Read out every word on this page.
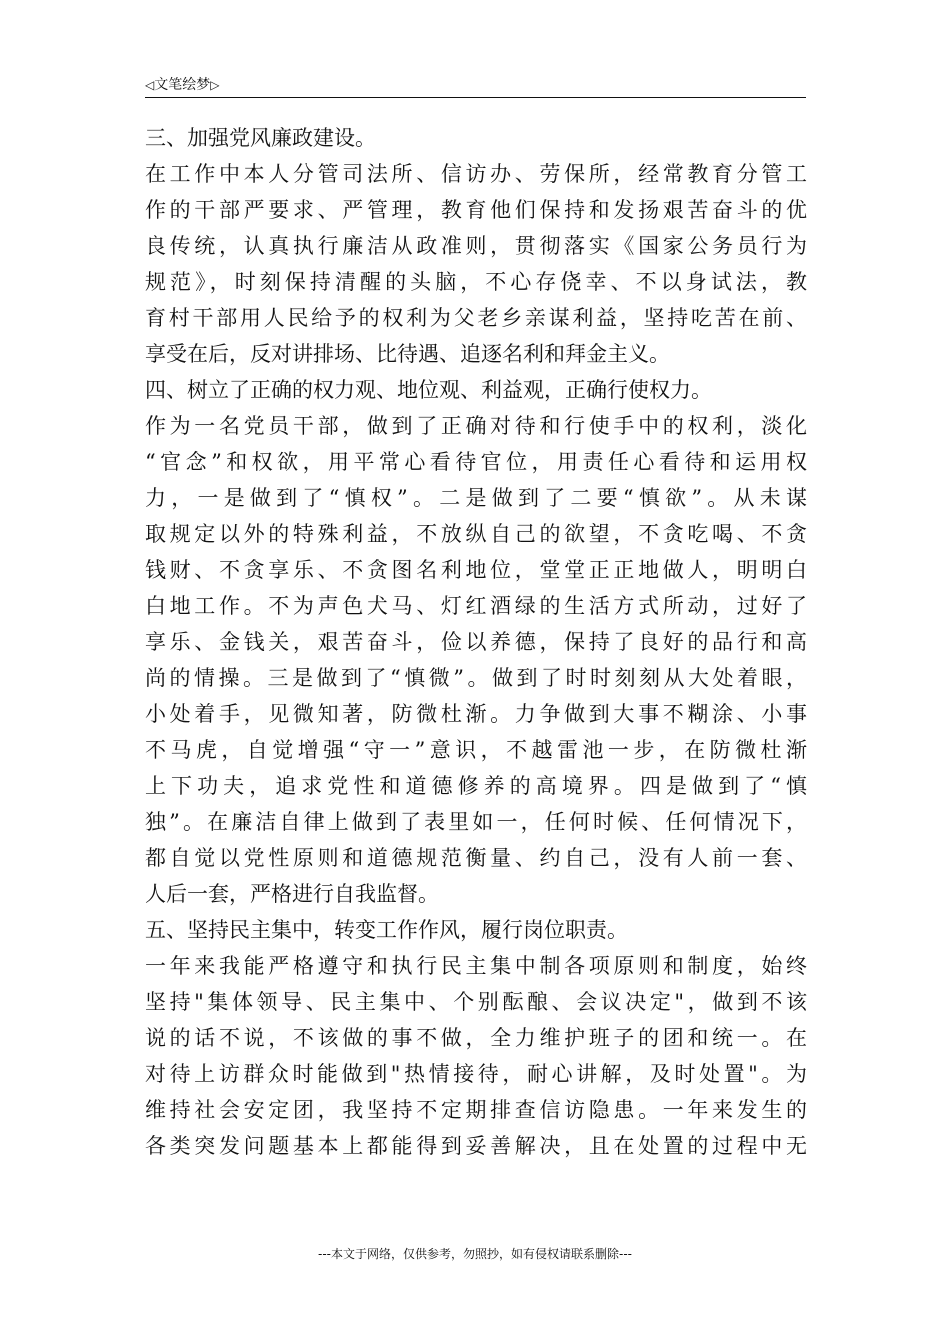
◁ 文笔绘梦 ▷
三、加强党风廉政建设。
在工作中本人分管司法所、信访办、劳保所，经常教育分管工
作的干部严要求、严管理，教育他们保持和发扬艰苦奋斗的优
良传统，认真执行廉洁从政准则，贯彻落实《国家公务员行为
规范》，时刻保持清醒的头脑，不心存侥幸、不以身试法，教
育村干部用人民给予的权利为父老乡亲谋利益，坚持吃苦在前、
享受在后，反对讲排场、比待遇、追逐名利和拜金主义。
四、树立了正确的权力观、地位观、利益观，正确行使权力。
作为一名党员干部，做到了正确对待和行使手中的权利，淡化
“官念”和权欲，用平常心看待官位，用责任心看待和运用权
力，一是做到了“慎权”。二是做到了二要“慎欲”。从未谋
取规定以外的特殊利益，不放纵自己的欲望，不贪吃喝、不贪
钱财、不贪享乐、不贪图名利地位，堂堂正正地做人，明明白
白地工作。不为声色犬马、灯红酒绿的生活方式所动，过好了
享乐、金钱关，艰苦奋斗，俭以养德，保持了良好的品行和高
尚的情操。三是做到了“慎微”。做到了时时刻刻从大处着眼，
小处着手，见微知著，防微杜渐。力争做到大事不糊涂、小事
不马虎，自觉增强“守一”意识，不越雷池一步，在防微杜渐
上下功夫，追求党性和道德修养的高境界。四是做到了“慎
独”。在廉洁自律上做到了表里如一，任何时候、任何情况下，
都自觉以党性原则和道德规范衡量、约自己，没有人前一套、
人后一套，严格进行自我监督。
五、坚持民主集中，转变工作作风，履行岗位职责。
一年来我能严格遵守和执行民主集中制各项原则和制度，始终
坚持"集体领导、民主集中、个别酝酿、会议决定"，做到不该
说的话不说，不该做的事不做，全力维护班子的团和统一。在
对待上访群众时能做到"热情接待，耐心讲解，及时处置"。为
维持社会安定团，我坚持不定期排查信访隐患。一年来发生的
各类突发问题基本上都能得到妥善解决，且在处置的过程中无
---本文于网络，仅供参考，勿照抄，如有侵权请联系删除---
